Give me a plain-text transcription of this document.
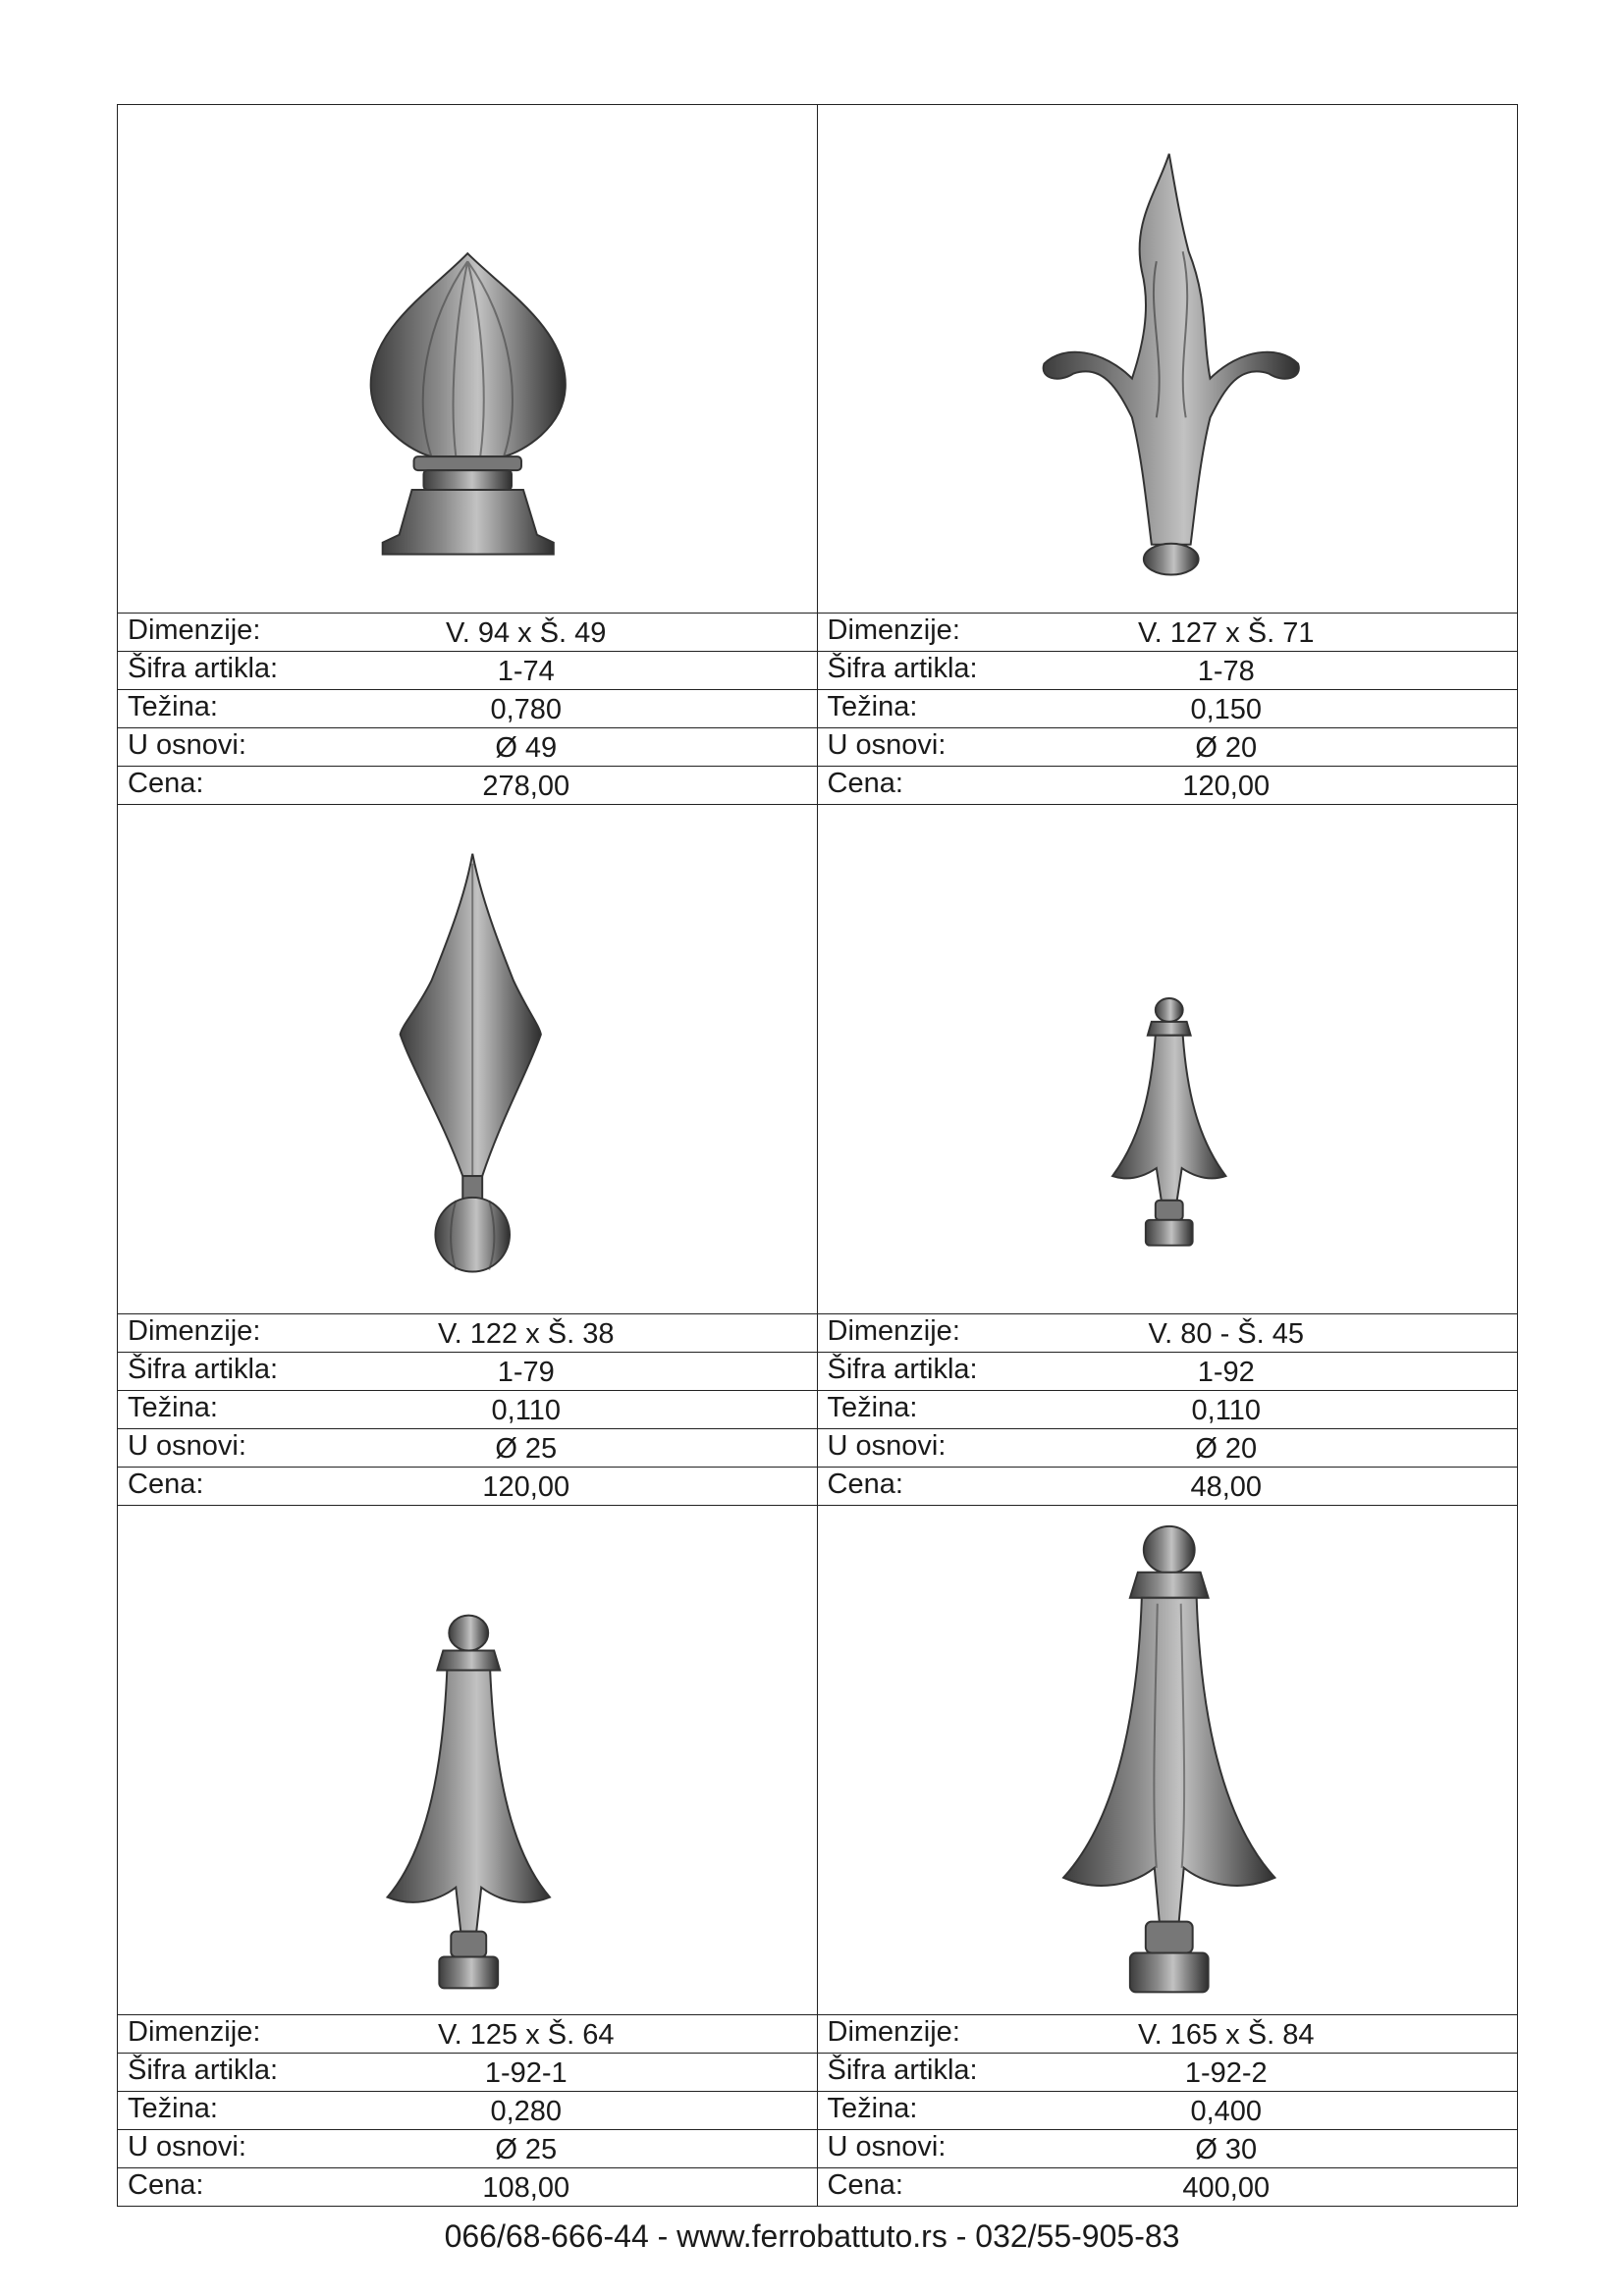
Dimenzije:	V. 94 x Š. 49
Šifra artikla:	1-74
Težina:	0,780
U osnovi:	Ø 49
Cena:	278,00
Dimenzije:	V. 127 x Š. 71
Šifra artikla:	1-78
Težina:	0,150
U osnovi:	Ø 20
Cena:	120,00
Dimenzije:	V. 122 x Š. 38
Šifra artikla:	1-79
Težina:	0,110
U osnovi:	Ø 25
Cena:	120,00
Dimenzije:	V. 80 - Š. 45
Šifra artikla:	1-92
Težina:	0,110
U osnovi:	Ø 20
Cena:	48,00
Dimenzije:	V. 125 x Š. 64
Šifra artikla:	1-92-1
Težina:	0,280
U osnovi:	Ø 25
Cena:	108,00
Dimenzije:	V. 165 x Š. 84
Šifra artikla:	1-92-2
Težina:	0,400
U osnovi:	Ø 30
Cena:	400,00
066/68-666-44 - www.ferrobattuto.rs - 032/55-905-83
